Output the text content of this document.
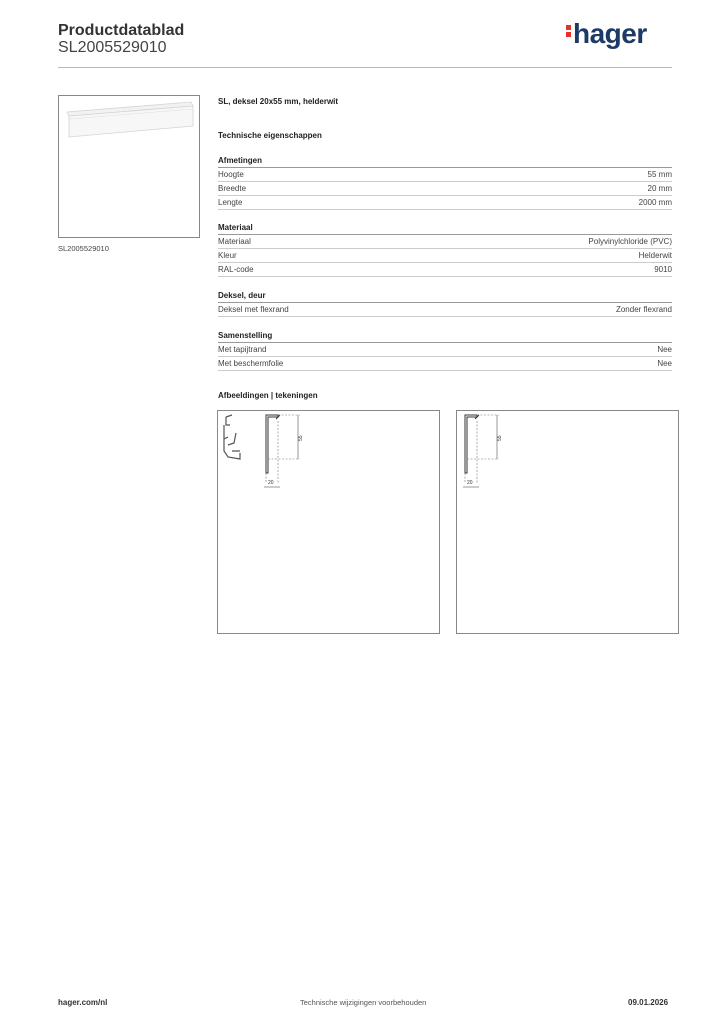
Productdatablad
SL2005529010	hager
SL2005529010
SL, deksel 20x55 mm, helderwit
Technische eigenschappen
Afmetingen
Hoogte	55 mm
Breedte	20 mm
Lengte	2000 mm
Materiaal
Materiaal	Polyvinylchloride (PVC)
Kleur	Helderwit
RAL-code	9010
Deksel, deur
Deksel met flexrand	Zonder flexrand
Samenstelling
Met tapijtrand	Nee
Met beschermfolie	Nee
Afbeeldingen | tekeningen
55
20
55
20
hager.com/nl	Technische wijzigingen voorbehouden	09.01.2026
